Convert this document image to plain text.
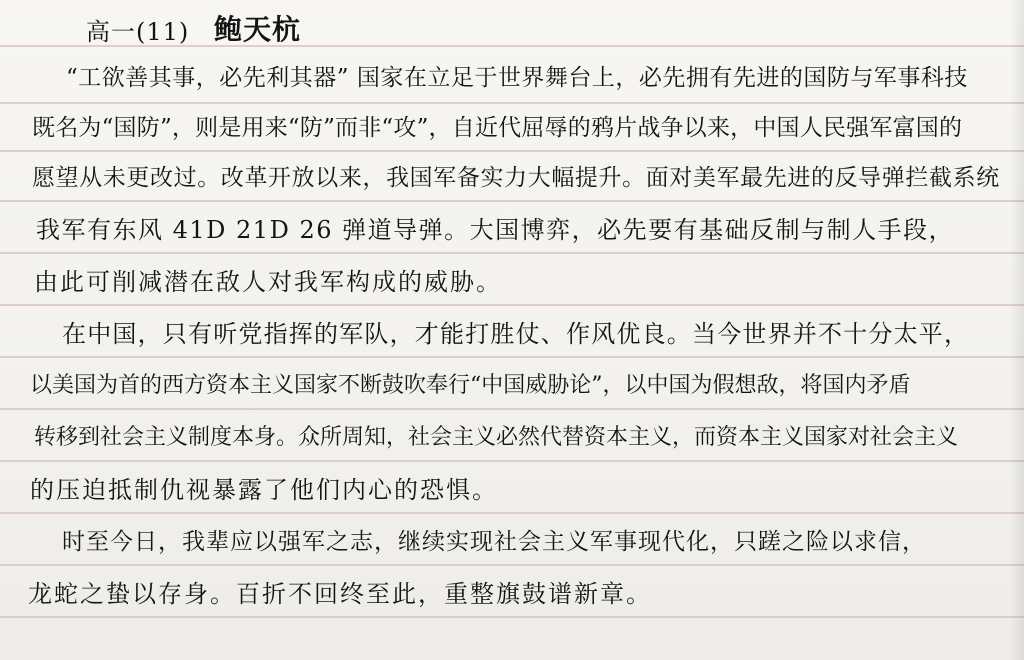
高一(11) 鲍天杭
“工欲善其事，必先利其器” 国家在立足于世界舞台上，必先拥有先进的国防与军事科技
既名为“国防”，则是用来“防”而非“攻”，自近代屈辱的鸦片战争以来，中国人民强军富国的
愿望从未更改过。改革开放以来，我国军备实力大幅提升。面对美军最先进的反导弹拦截系统
我军有东风 41D 21D 26 弹道导弹。大国博弈，必先要有基础反制与制人手段，
由此可削减潜在敌人对我军构成的威胁。
在中国，只有听党指挥的军队，才能打胜仗、作风优良。当今世界并不十分太平，
以美国为首的西方资本主义国家不断鼓吹奉行“中国威胁论”，以中国为假想敌，将国内矛盾
转移到社会主义制度本身。众所周知，社会主义必然代替资本主义，而资本主义国家对社会主义
的压迫抵制仇视暴露了他们内心的恐惧。
时至今日，我辈应以强军之志，继续实现社会主义军事现代化，只蹉之险以求信，
龙蛇之蛰以存身。百折不回终至此，重整旗鼓谱新章。
